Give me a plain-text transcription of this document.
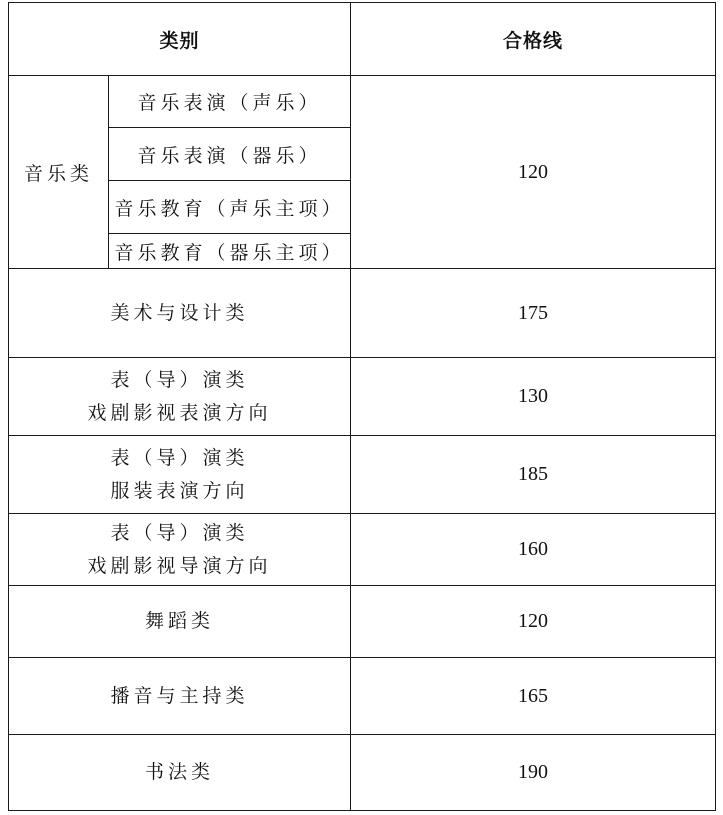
类别		合格线
音乐类	音乐表演（声乐）	120
	音乐表演（器乐）	
	音乐教育（声乐主项）	
	音乐教育（器乐主项）	

美术与设计类		175

表（导）演类
戏剧影视表演方向		130

表（导）演类
服装表演方向		185

表（导）演类
戏剧影视导演方向		160

舞蹈类		120

播音与主持类		165

书法类		190
